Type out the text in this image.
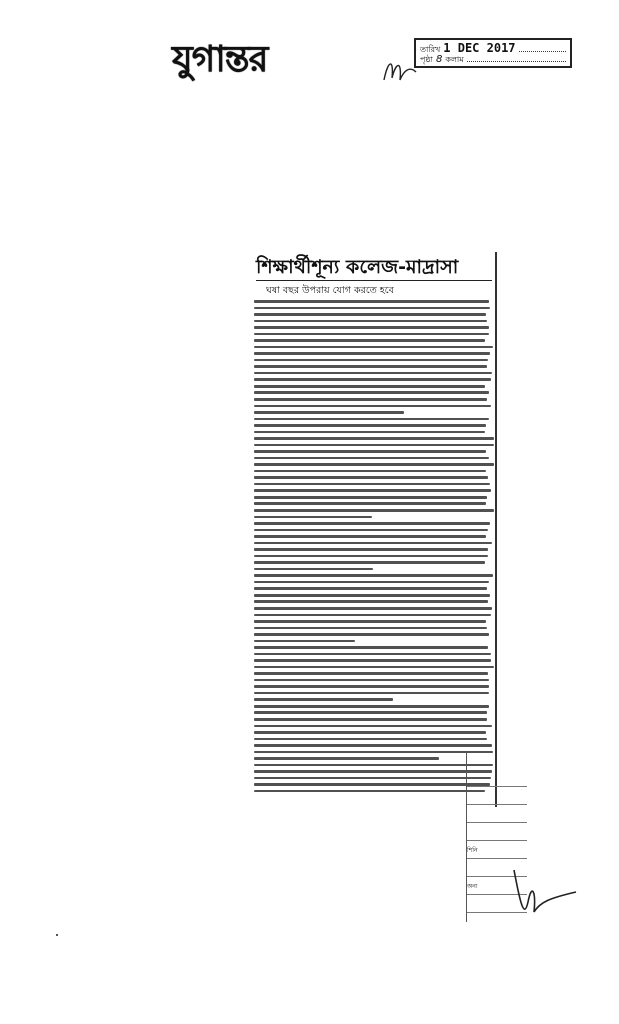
যুগান্তর	তারিখ 1 DEC 2017
পৃষ্ঠা 8 কলাম
শিক্ষার্থীশূন্য কলেজ-মাদ্রাসা
ঘষা বছর উপরায় যোগ করতে হবে
শিনি
অন্য
